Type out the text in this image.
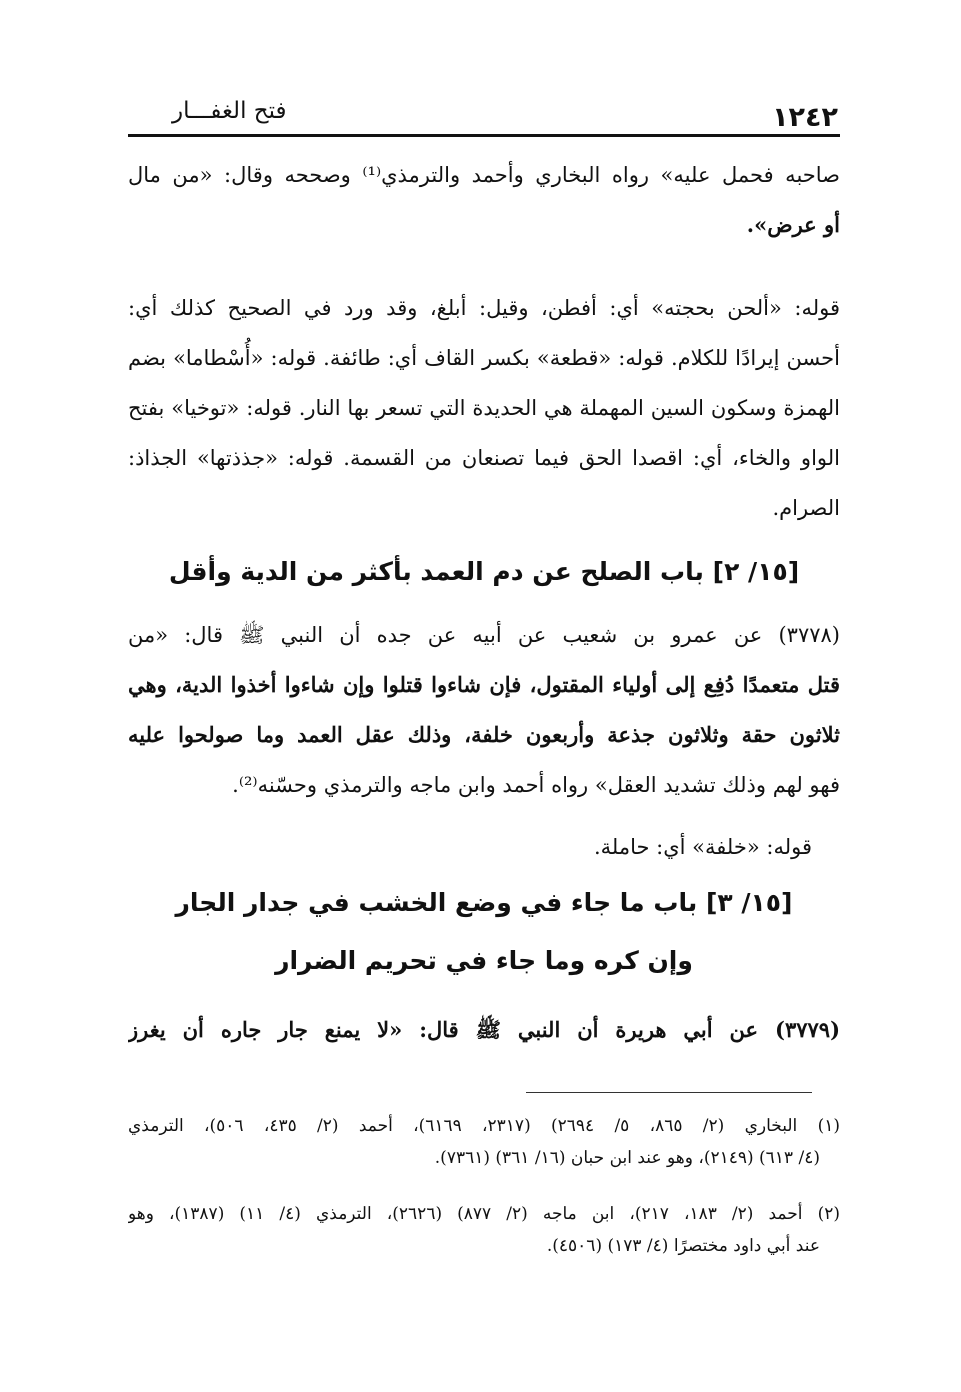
١٢٤٢
فتح الغفـــار
صاحبه فحمل عليه» رواه البخاري وأحمد والترمذي⁽¹⁾ وصححه وقال: «من مال
أو عرض».
قوله: «ألحن بحجته» أي: أفطن، وقيل: أبلغ، وقد ورد في الصحيح كذلك أي:
أحسن إيرادًا للكلام. قوله: «قطعة» بكسر القاف أي: طائفة. قوله: «أُسْطاما» بضم
الهمزة وسكون السين المهملة هي الحديدة التي تسعر بها النار. قوله: «توخيا» بفتح
الواو والخاء، أي: اقصدا الحق فيما تصنعان من القسمة. قوله: «جذذتها» الجذاذ:
الصرام.
[١٥/ ٢] باب الصلح عن دم العمد بأكثر من الدية وأقل
(٣٧٧٨) عن عمرو بن شعيب عن أبيه عن جده أن النبي ﷺ قال: «من
قتل متعمدًا دُفِع إلى أولياء المقتول، فإن شاءوا قتلوا وإن شاءوا أخذوا الدية، وهي
ثلاثون حقة وثلاثون جذعة وأربعون خلفة، وذلك عقل العمد وما صولحوا عليه
فهو لهم وذلك تشديد العقل» رواه أحمد وابن ماجه والترمذي وحسّنه⁽²⁾.
قوله: «خلفة» أي: حاملة.
[١٥/ ٣] باب ما جاء في وضع الخشب في جدار الجار
وإن كره وما جاء في تحريم الضرار
(٣٧٧٩) عن أبي هريرة أن النبي ﷺ قال: «لا يمنع جار جاره أن يغرز
(١) البخاري (٢/ ٨٦٥، ٥/ ٢٦٩٤) (٢٣١٧، ٦١٦٩)، أحمد (٢/ ٤٣٥، ٥٠٦)، الترمذي
(٤/ ٦١٣) (٢١٤٩)، وهو عند ابن حبان (١٦/ ٣٦١) (٧٣٦١).
(٢) أحمد (٢/ ١٨٣، ٢١٧)، ابن ماجه (٢/ ٨٧٧) (٢٦٢٦)، الترمذي (٤/ ١١) (١٣٨٧)، وهو
عند أبي داود مختصرًا (٤/ ١٧٣) (٤٥٠٦).
